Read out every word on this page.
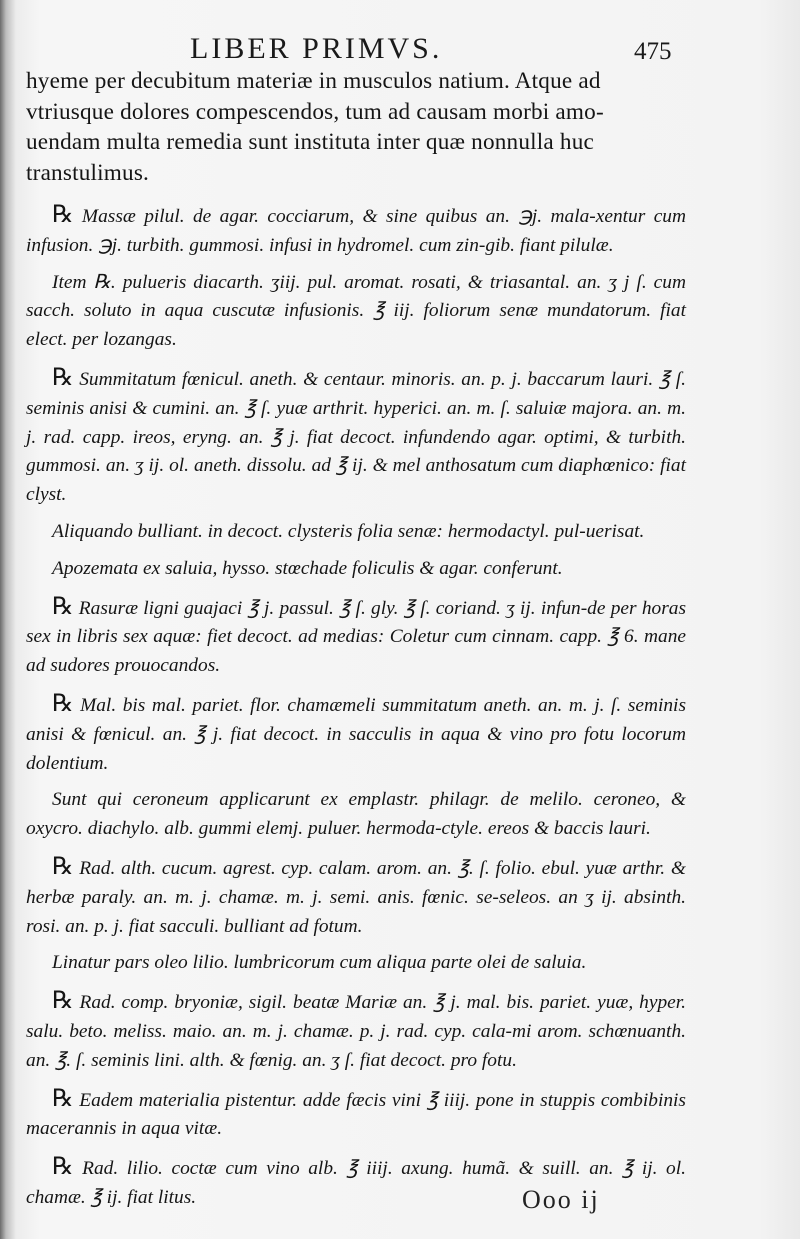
LIBER PRIMVS.	475

hyeme per decubitum materiæ in musculos natium. Atque ad

vtriusque dolores compescendos, tum ad causam morbi amo-

uendam multa remedia sunt instituta inter quæ nonnulla huc

transtulimus.

℞ Massæ pilul. de agar. cocciarum, & sine quibus an. ℈j. mala-xentur cum infusion. ℈j. turbith. gummosi. infusi in hydromel. cum zin-gib. fiant pilulæ.

Item ℞. pulueris diacarth. ʒiij. pul. aromat. rosati, & triasantal. an. ʒ j ſ. cum sacch. soluto in aqua cuscutæ infusionis. ℥ iij. foliorum senæ mundatorum. fiat elect. per lozangas.

℞ Summitatum fœnicul. aneth. & centaur. minoris. an. p. j. baccarum lauri. ℥ ſ. seminis anisi & cumini. an. ℥ ſ. yuæ arthrit. hyperici. an. m. ſ. saluiæ majora. an. m. j. rad. capp. ireos, eryng. an. ℥ j. fiat decoct. infundendo agar. optimi, & turbith. gummosi. an. ʒ ij. ol. aneth. dissolu. ad ℥ ij. & mel anthosatum cum diaphœnico: fiat clyst.

Aliquando bulliant. in decoct. clysteris folia senæ: hermodactyl. pul-uerisat.

Apozemata ex saluia, hysso. stœchade foliculis & agar. conferunt.

℞ Rasuræ ligni guajaci ℥ j. passul. ℥ ſ. gly. ℥ ſ. coriand. ʒ ij. infun-de per horas sex in libris sex aquæ: fiet decoct. ad medias: Coletur cum cinnam. capp. ℥ 6. mane ad sudores prouocandos.

℞ Mal. bis mal. pariet. flor. chamæmeli summitatum aneth. an. m. j. ſ. seminis anisi & fœnicul. an. ℥ j. fiat decoct. in sacculis in aqua & vino pro fotu locorum dolentium.

Sunt qui ceroneum applicarunt ex emplastr. philagr. de melilo. ceroneo, & oxycro. diachylo. alb. gummi elemj. puluer. hermoda-ctyle. ereos & baccis lauri.

℞ Rad. alth. cucum. agrest. cyp. calam. arom. an. ℥. ſ. folio. ebul. yuæ arthr. & herbæ paraly. an. m. j. chamæ. m. j. semi. anis. fœnic. se-seleos. an ʒ ij. absinth. rosi. an. p. j. fiat sacculi. bulliant ad fotum.

Linatur pars oleo lilio. lumbricorum cum aliqua parte olei de saluia.

℞ Rad. comp. bryoniæ, sigil. beatæ Mariæ an. ℥ j. mal. bis. pariet. yuæ, hyper. salu. beto. meliss. maio. an. m. j. chamæ. p. j. rad. cyp. cala-mi arom. schœnuanth. an. ℥. ſ. seminis lini. alth. & fœnig. an. ʒ ſ. fiat decoct. pro fotu.

℞ Eadem materialia pistentur. adde fæcis vini ℥ iiij. pone in stuppis combibinis macerannis in aqua vitæ.

℞ Rad. lilio. coctæ cum vino alb. ℥ iiij. axung. humã. & suill. an. ℥ ij. ol. chamæ. ℥ ij. fiat litus.	Ooo ij
